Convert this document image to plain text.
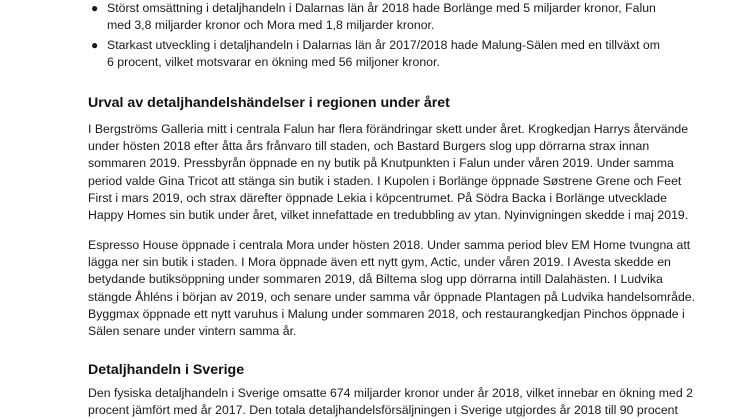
● Störst omsättning i detaljhandeln i Dalarnas län år 2018 hade Borlänge med 5 miljarder kronor, Falun
med 3,8 miljarder kronor och Mora med 1,8 miljarder kronor.
● Starkast utveckling i detaljhandeln i Dalarnas län år 2017/2018 hade Malung-Sälen med en tillväxt om
6 procent, vilket motsvarar en ökning med 56 miljoner kronor.
Urval av detaljhandelshändelser i regionen under året
I Bergströms Galleria mitt i centrala Falun har flera förändringar skett under året. Krogkedjan Harrys återvände
under hösten 2018 efter åtta års frånvaro till staden, och Bastard Burgers slog upp dörrarna strax innan
sommaren 2019. Pressbyrån öppnade en ny butik på Knutpunkten i Falun under våren 2019. Under samma
period valde Gina Tricot att stänga sin butik i staden. I Kupolen i Borlänge öppnade Søstrene Grene och Feet
First i mars 2019, och strax därefter öppnade Lekia i köpcentrumet. På Södra Backa i Borlänge utvecklade
Happy Homes sin butik under året, vilket innefattade en tredubbling av ytan. Nyinvigningen skedde i maj 2019.
Espresso House öppnade i centrala Mora under hösten 2018. Under samma period blev EM Home tvungna att
lägga ner sin butik i staden. I Mora öppnade även ett nytt gym, Actic, under våren 2019. I Avesta skedde en
betydande butiksöppning under sommaren 2019, då Biltema slog upp dörrarna intill Dalahästen. I Ludvika
stängde Åhléns i början av 2019, och senare under samma vår öppnade Plantagen på Ludvika handelsområde.
Byggmax öppnade ett nytt varuhus i Malung under sommaren 2018, och restaurangkedjan Pinchos öppnade i
Sälen senare under vintern samma år.
Detaljhandeln i Sverige
Den fysiska detaljhandeln i Sverige omsatte 674 miljarder kronor under år 2018, vilket innebar en ökning med 2
procent jämfört med år 2017. Den totala detaljhandelsförsäljningen i Sverige utgjordes år 2018 till 90 procent
